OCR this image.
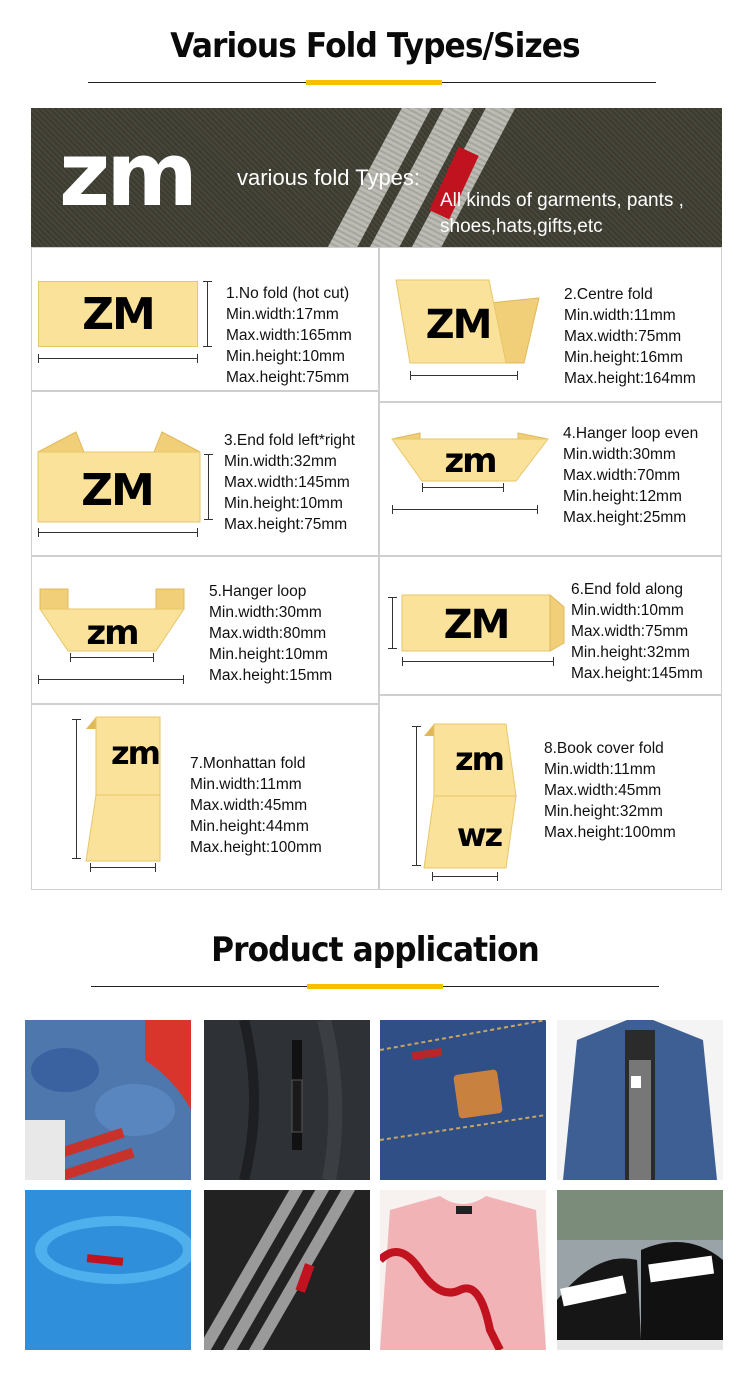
Various Fold Types/Sizes
zm various fold Types:
All kinds of garments, pants , shoes,hats,gifts,etc
ZM	1.No fold (hot cut)
Min.width:17mm
Max.width:165mm
Min.height:10mm
Max.height:75mm
ZM
2.Centre fold
Min.width:11mm
Max.width:75mm
Min.height:16mm
Max.height:164mm
ZM
3.End fold left*right
Min.width:32mm
Max.width:145mm
Min.height:10mm
Max.height:75mm
zm
4.Hanger loop even
Min.width:30mm
Max.width:70mm
Min.height:12mm
Max.height:25mm
zm
5.Hanger loop
Min.width:30mm
Max.width:80mm
Min.height:10mm
Max.height:15mm
ZM
6.End fold along
Min.width:10mm
Max.width:75mm
Min.height:32mm
Max.height:145mm
zm	7.Monhattan fold
Min.width:11mm
Max.width:45mm
Min.height:44mm
Max.height:100mm
zm
wz
8.Book cover fold
Min.width:11mm
Max.width:45mm
Min.height:32mm
Max.height:100mm
Product application
